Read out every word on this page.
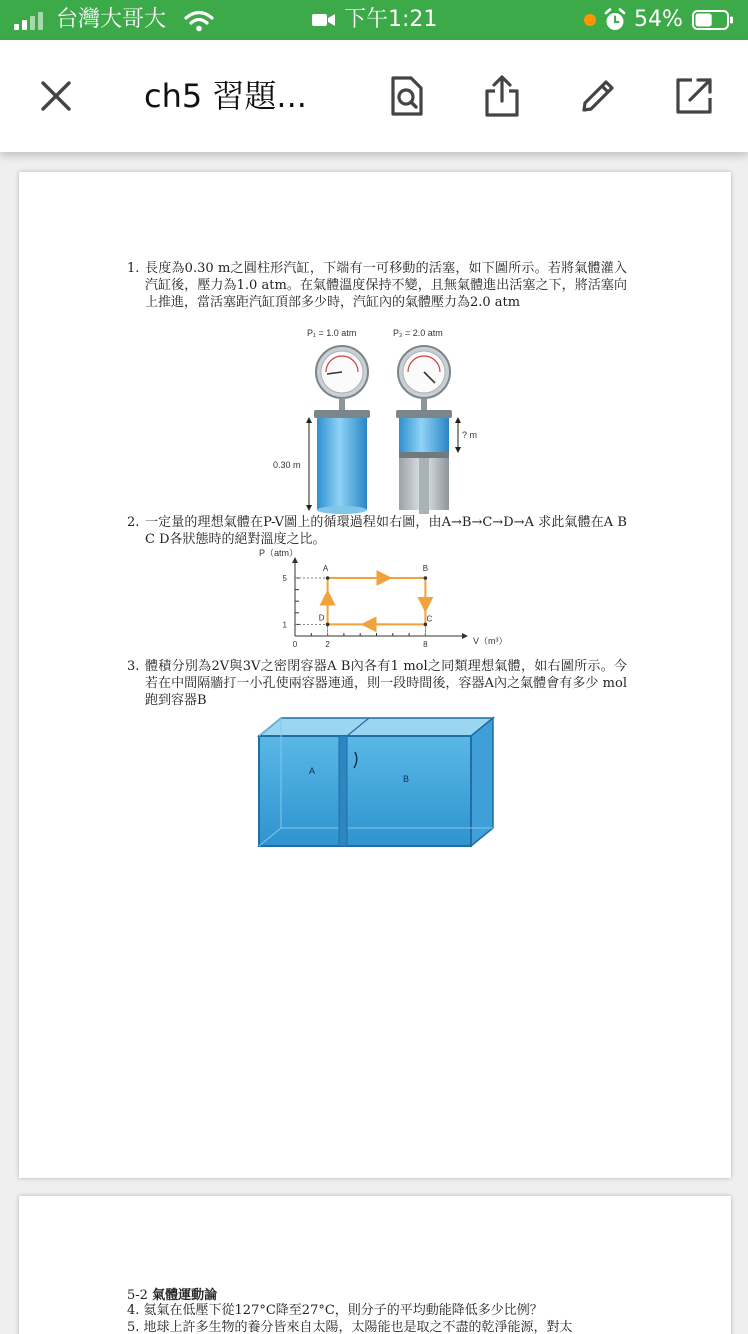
台灣大哥大	下午1:21	54%
ch5 習題...
1. 長度為0.30 m之圓柱形汽缸，下端有一可移動的活塞，如下圖所示。若將氣體灌入汽缸後，壓力為1.0 atm。在氣體溫度保持不變，且無氣體進出活塞之下，將活塞向上推進，當活塞距汽缸頂部多少時，汽缸內的氣體壓力為2.0 atm
P₁ = 1.0 atm	P₂ = 2.0 atm
0.30 m
? m
2. 一定量的理想氣體在P-V圖上的循環過程如右圖，由A→B→C→D→A 求此氣體在A B C D各狀態時的絕對溫度之比。
P（atm）
V（m³）
1
5
0	2	8
A	B
C
D
3. 體積分別為2V與3V之密閉容器A B內各有1 mol之同類理想氣體，如右圖所示。今若在中間隔牆打一小孔使兩容器連通，則一段時間後，容器A內之氣體會有多少 mol跑到容器B
A
B
5-2 氣體運動論
4. 氦氣在低壓下從127°C降至27°C，則分子的平均動能降低多少比例？
5. 地球上許多生物的養分皆來自太陽，太陽能也是取之不盡的乾淨能源，對太
